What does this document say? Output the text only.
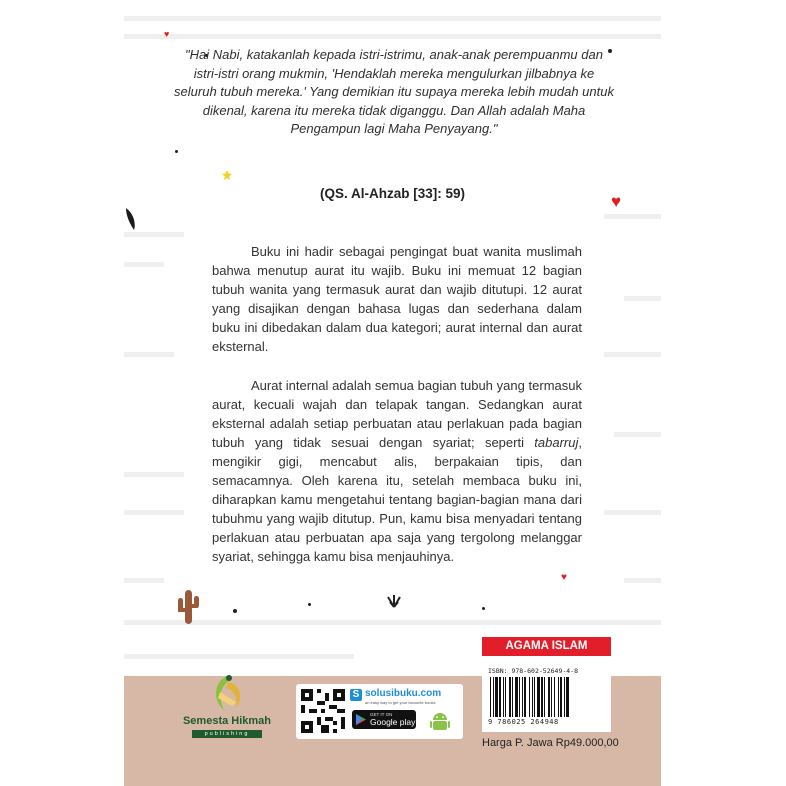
♥
♥
♥

"Hai Nabi, katakanlah kepada istri-istrimu, anak-anak perempuanmu dan istri-istri orang mukmin, 'Hendaklah mereka mengulurkan jilbabnya ke seluruh tubuh mereka.' Yang demikian itu supaya mereka lebih mudah untuk dikenal, karena itu mereka tidak diganggu. Dan Allah adalah Maha Pengampun lagi Maha Penyayang."

(QS. Al-Ahzab [33]: 59)

   Buku ini hadir sebagai pengingat buat wanita muslimah bahwa menutup aurat itu wajib. Buku ini memuat 12 bagian tubuh wanita yang termasuk aurat dan wajib ditutupi. 12 aurat yang disajikan dengan bahasa lugas dan sederhana dalam buku ini dibedakan dalam dua kategori; aurat internal dan aurat eksternal.

   Aurat internal adalah semua bagian tubuh yang termasuk aurat, kecuali wajah dan telapak tangan. Sedangkan aurat eksternal adalah setiap perbuatan atau perlakuan pada bagian tubuh yang tidak sesuai dengan syariat; seperti tabarruj, mengikir gigi, mencabut alis, berpakaian tipis, dan semacamnya. Oleh karena itu, setelah membaca buku ini, diharapkan kamu mengetahui tentang bagian-bagian mana dari tubuhmu yang wajib ditutup. Pun, kamu bisa menyadari tentang perlakuan atau perbuatan apa saja yang tergolong melanggar syariat, sehingga kamu bisa menjauhinya.

Semesta Hikmah
publishing
S solusibuku.com
an easy way to get your favourite books
GET IT ON
Google play
AGAMA ISLAM
ISBN: 978-602-52649-4-8
9 786025 264948
Harga P. Jawa Rp49.000,00
